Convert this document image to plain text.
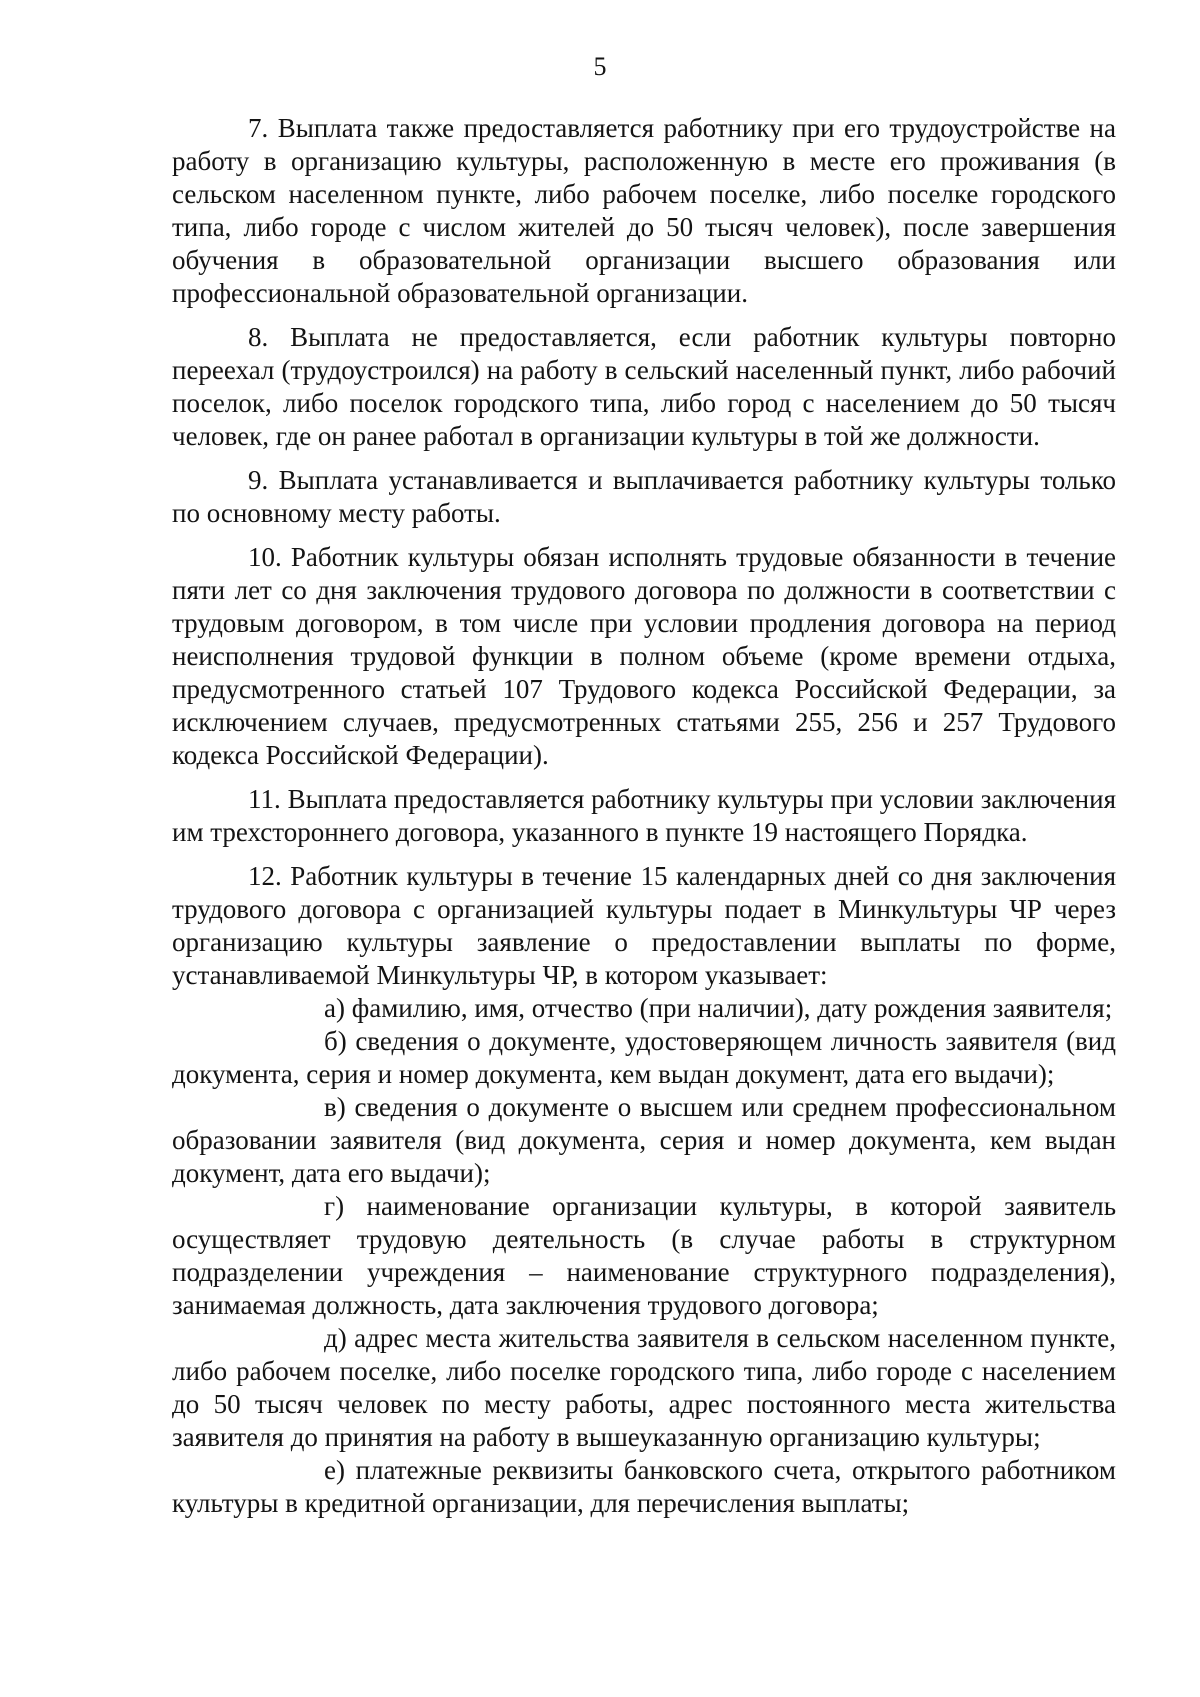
5

7. Выплата также предоставляется работнику при его трудоустройстве на работу в организацию культуры, расположенную в месте его проживания (в сельском населенном пункте, либо рабочем поселке, либо поселке городского типа, либо городе с числом жителей до 50 тысяч человек), после завершения обучения в образовательной организации высшего образования или профессиональной образовательной организации.

8. Выплата не предоставляется, если работник культуры повторно переехал (трудоустроился) на работу в сельский населенный пункт, либо рабочий поселок, либо поселок городского типа, либо город с населением до 50 тысяч человек, где он ранее работал в организации культуры в той же должности.

9. Выплата устанавливается и выплачивается работнику культуры только по основному месту работы.

10. Работник культуры обязан исполнять трудовые обязанности в течение пяти лет со дня заключения трудового договора по должности в соответствии с трудовым договором, в том числе при условии продления договора на период неисполнения трудовой функции в полном объеме (кроме времени отдыха, предусмотренного статьей 107 Трудового кодекса Российской Федерации, за исключением случаев, предусмотренных статьями 255, 256 и 257 Трудового кодекса Российской Федерации).

11. Выплата предоставляется работнику культуры при условии заключения им трехстороннего договора, указанного в пункте 19 настоящего Порядка.

12. Работник культуры в течение 15 календарных дней со дня заключения трудового договора с организацией культуры подает в Минкультуры ЧР через организацию культуры заявление о предоставлении выплаты по форме, устанавливаемой Минкультуры ЧР, в котором указывает:

а) фамилию, имя, отчество (при наличии), дату рождения заявителя;

б) сведения о документе, удостоверяющем личность заявителя (вид документа, серия и номер документа, кем выдан документ, дата его выдачи);

в) сведения о документе о высшем или среднем профессиональном образовании заявителя (вид документа, серия и номер документа, кем выдан документ, дата его выдачи);

г) наименование организации культуры, в которой заявитель осуществляет трудовую деятельность (в случае работы в структурном подразделении учреждения – наименование структурного подразделения), занимаемая должность, дата заключения трудового договора;

д) адрес места жительства заявителя в сельском населенном пункте, либо рабочем поселке, либо поселке городского типа, либо городе с населением до 50 тысяч человек по месту работы, адрес постоянного места жительства заявителя до принятия на работу в вышеуказанную организацию культуры;

е) платежные реквизиты банковского счета, открытого работником культуры в кредитной организации, для перечисления выплаты;
